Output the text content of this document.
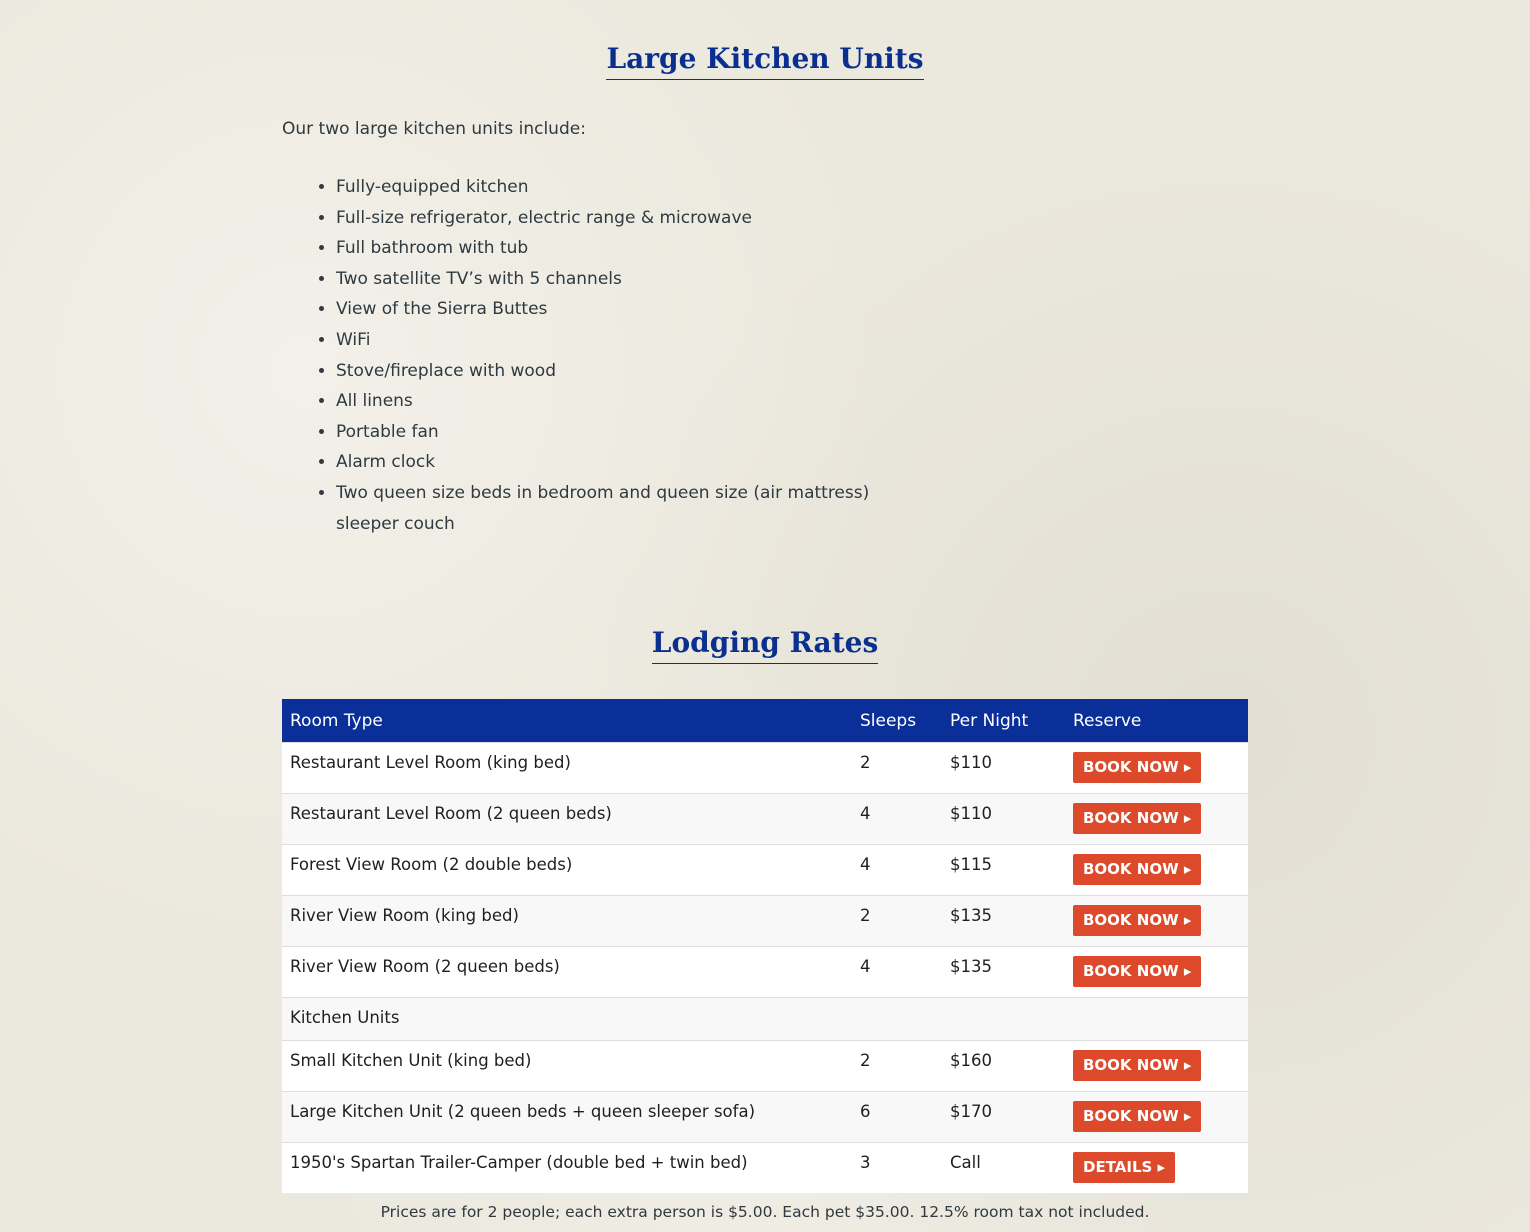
Large Kitchen Units

Our two large kitchen units include:

• Fully-equipped kitchen
• Full-size refrigerator, electric range & microwave
• Full bathroom with tub
• Two satellite TV’s with 5 channels
• View of the Sierra Buttes
• WiFi
• Stove/fireplace with wood
• All linens
• Portable fan
• Alarm clock
• Two queen size beds in bedroom and queen size (air mattress) sleeper couch
Lodging Rates
Room Type	Sleeps	Per Night	Reserve
Restaurant Level Room (king bed)	2	$110	BOOK NOW ▸
Restaurant Level Room (2 queen beds)	4	$110	BOOK NOW ▸
Forest View Room (2 double beds)	4	$115	BOOK NOW ▸
River View Room (king bed)	2	$135	BOOK NOW ▸
River View Room (2 queen beds)	4	$135	BOOK NOW ▸
Kitchen Units			
Small Kitchen Unit (king bed)	2	$160	BOOK NOW ▸
Large Kitchen Unit (2 queen beds + queen sleeper sofa)	6	$170	BOOK NOW ▸
1950's Spartan Trailer-Camper (double bed + twin bed)	3	Call	DETAILS ▸

Prices are for 2 people; each extra person is $5.00. Each pet $35.00. 12.5% room tax not included.
